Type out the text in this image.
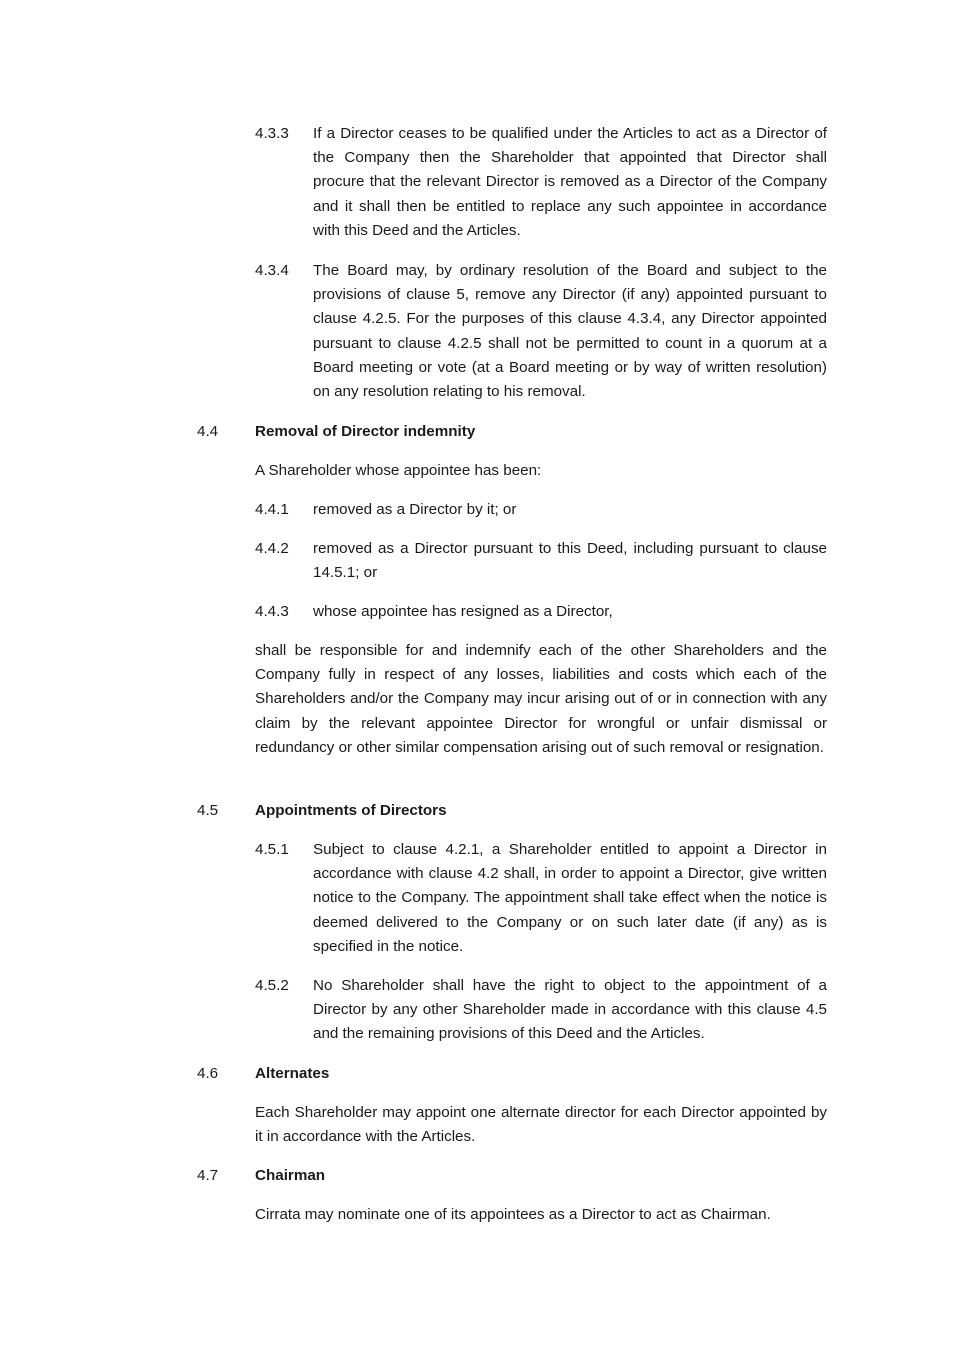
4.3.3	If a Director ceases to be qualified under the Articles to act as a Director of the Company then the Shareholder that appointed that Director shall procure that the relevant Director is removed as a Director of the Company and it shall then be entitled to replace any such appointee in accordance with this Deed and the Articles.
4.3.4	The Board may, by ordinary resolution of the Board and subject to the provisions of clause 5, remove any Director (if any) appointed pursuant to clause 4.2.5. For the purposes of this clause 4.3.4, any Director appointed pursuant to clause 4.2.5 shall not be permitted to count in a quorum at a Board meeting or vote (at a Board meeting or by way of written resolution) on any resolution relating to his removal.
4.4	Removal of Director indemnity
A Shareholder whose appointee has been:
4.4.1	removed as a Director by it; or
4.4.2	removed as a Director pursuant to this Deed, including pursuant to clause 14.5.1; or
4.4.3	whose appointee has resigned as a Director,
shall be responsible for and indemnify each of the other Shareholders and the Company fully in respect of any losses, liabilities and costs which each of the Shareholders and/or the Company may incur arising out of or in connection with any claim by the relevant appointee Director for wrongful or unfair dismissal or redundancy or other similar compensation arising out of such removal or resignation.
4.5	Appointments of Directors
4.5.1	Subject to clause 4.2.1, a Shareholder entitled to appoint a Director in accordance with clause 4.2 shall, in order to appoint a Director, give written notice to the Company. The appointment shall take effect when the notice is deemed delivered to the Company or on such later date (if any) as is specified in the notice.
4.5.2	No Shareholder shall have the right to object to the appointment of a Director by any other Shareholder made in accordance with this clause 4.5 and the remaining provisions of this Deed and the Articles.
4.6	Alternates
Each Shareholder may appoint one alternate director for each Director appointed by it in accordance with the Articles.
4.7	Chairman
Cirrata may nominate one of its appointees as a Director to act as Chairman.
